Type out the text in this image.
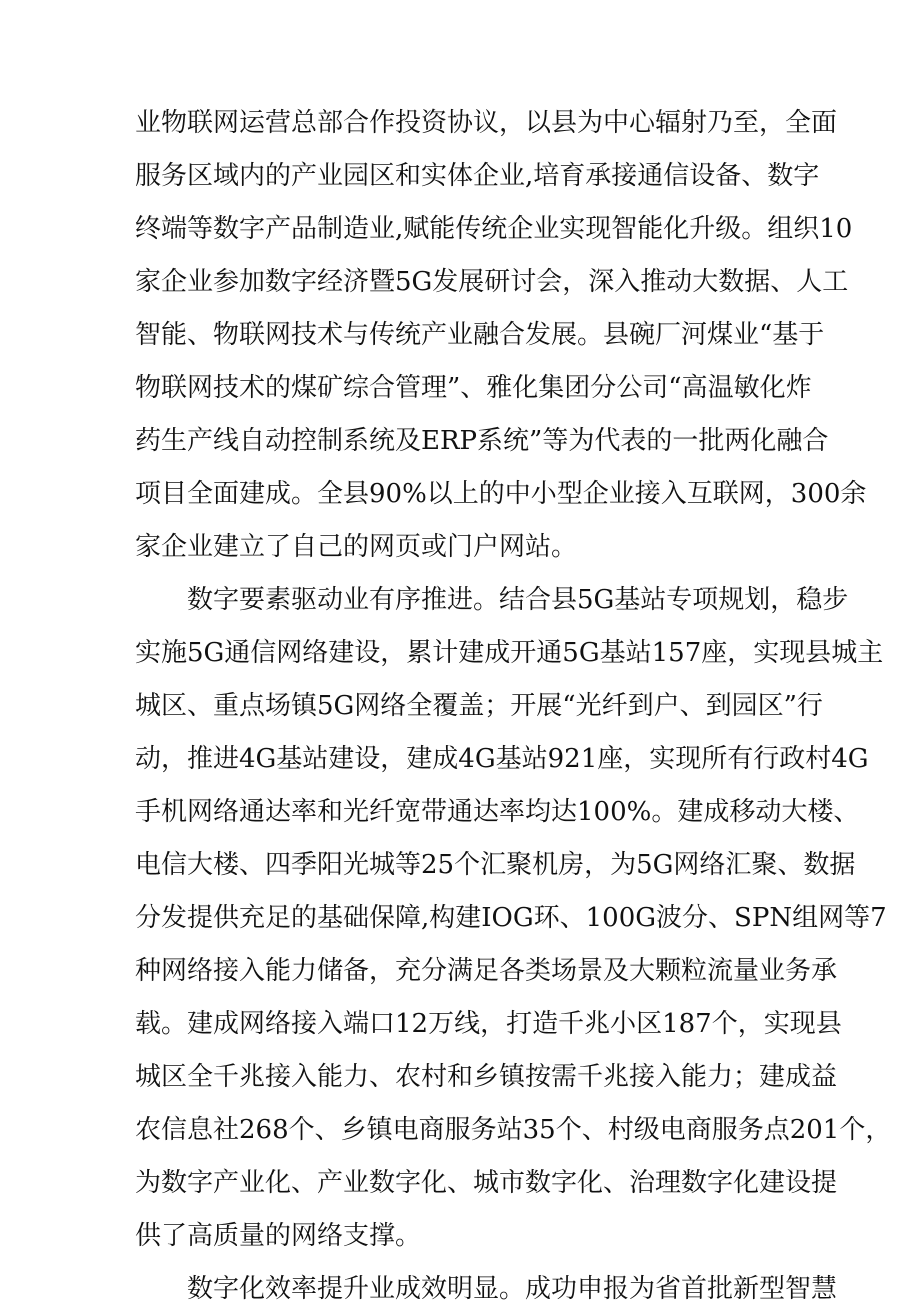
业物联网运营总部合作投资协议，以县为中心辐射乃至，全面
服务区域内的产业园区和实体企业,培育承接通信设备、数字
终端等数字产品制造业,赋能传统企业实现智能化升级。组织10
家企业参加数字经济暨5G发展研讨会，深入推动大数据、人工
智能、物联网技术与传统产业融合发展。县碗厂河煤业“基于
物联网技术的煤矿综合管理”、雅化集团分公司“高温敏化炸
药生产线自动控制系统及ERP系统”等为代表的一批两化融合
项目全面建成。全县90%以上的中小型企业接入互联网，300余
家企业建立了自己的网页或门户网站。
数字要素驱动业有序推进。结合县5G基站专项规划，稳步
实施5G通信网络建设，累计建成开通5G基站157座，实现县城主
城区、重点场镇5G网络全覆盖；开展“光纤到户、到园区”行
动，推进4G基站建设，建成4G基站921座，实现所有行政村4G
手机网络通达率和光纤宽带通达率均达100%。建成移动大楼、
电信大楼、四季阳光城等25个汇聚机房，为5G网络汇聚、数据
分发提供充足的基础保障,构建IOG环、100G波分、SPN组网等7
种网络接入能力储备，充分满足各类场景及大颗粒流量业务承
载。建成网络接入端口12万线，打造千兆小区187个，实现县
城区全千兆接入能力、农村和乡镇按需千兆接入能力；建成益
农信息社268个、乡镇电商服务站35个、村级电商服务点201个，
为数字产业化、产业数字化、城市数字化、治理数字化建设提
供了高质量的网络支撑。
数字化效率提升业成效明显。成功申报为省首批新型智慧
